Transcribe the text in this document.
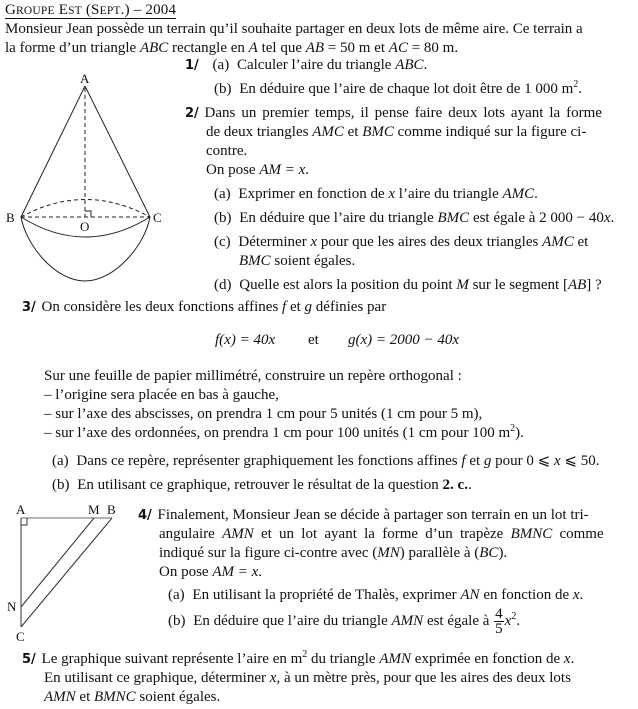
GROUPE EST (SEPT.) – 2004
Monsieur Jean possède un terrain qu’il souhaite partager en deux lots de même aire. Ce terrain a
la forme d’un triangle ABC rectangle en A tel que AB = 50 m et AC = 80 m.
A
B	C
O
1/ (a) Calculer l’aire du triangle ABC.
(b) En déduire que l’aire de chaque lot doit être de 1 000 $m^2$.
2/ Dans un premier temps, il pense faire deux lots ayant la forme
de deux triangles AMC et BMC comme indiqué sur la figure ci-
contre.
On pose AM = x.
(a) Exprimer en fonction de x l’aire du triangle AMC.
(b) En déduire que l’aire du triangle BMC est égale à 2 000 − 40x.
(c) Déterminer x pour que les aires des deux triangles AMC et
BMC soient égales.
(d) Quelle est alors la position du point M sur le segment [AB] ?
3/ On considère les deux fonctions affines f et g définies par
f(x) = 40x et g(x) = 2000 − 40x
Sur une feuille de papier millimétré, construire un repère orthogonal :
– l’origine sera placée en bas à gauche,
– sur l’axe des abscisses, on prendra 1 cm pour 5 unités (1 cm pour 5 m),
– sur l’axe des ordonnées, on prendra 1 cm pour 100 unités (1 cm pour 100 $m^2$).
(a) Dans ce repère, représenter graphiquement les fonctions affines f et g pour 0 ⩽ x ⩽ 50.
(b) En utilisant ce graphique, retrouver le résultat de la question 2. c..
A	M B
N
C
4/ Finalement, Monsieur Jean se décide à partager son terrain en un lot tri-
angulaire AMN et un lot ayant la forme d’un trapèze BMNC comme
indiqué sur la figure ci-contre avec (MN) parallèle à (BC).
On pose AM = x.
(a) En utilisant la propriété de Thalès, exprimer AN en fonction de x.
(b) En déduire que l’aire du triangle AMN est égale à $\frac{4}{5} x^2$.
5/ Le graphique suivant représente l’aire en $m^2$ du triangle AMN exprimée en fonction de x.
En utilisant ce graphique, déterminer x, à un mètre près, pour que les aires des deux lots
AMN et BMNC soient égales.
